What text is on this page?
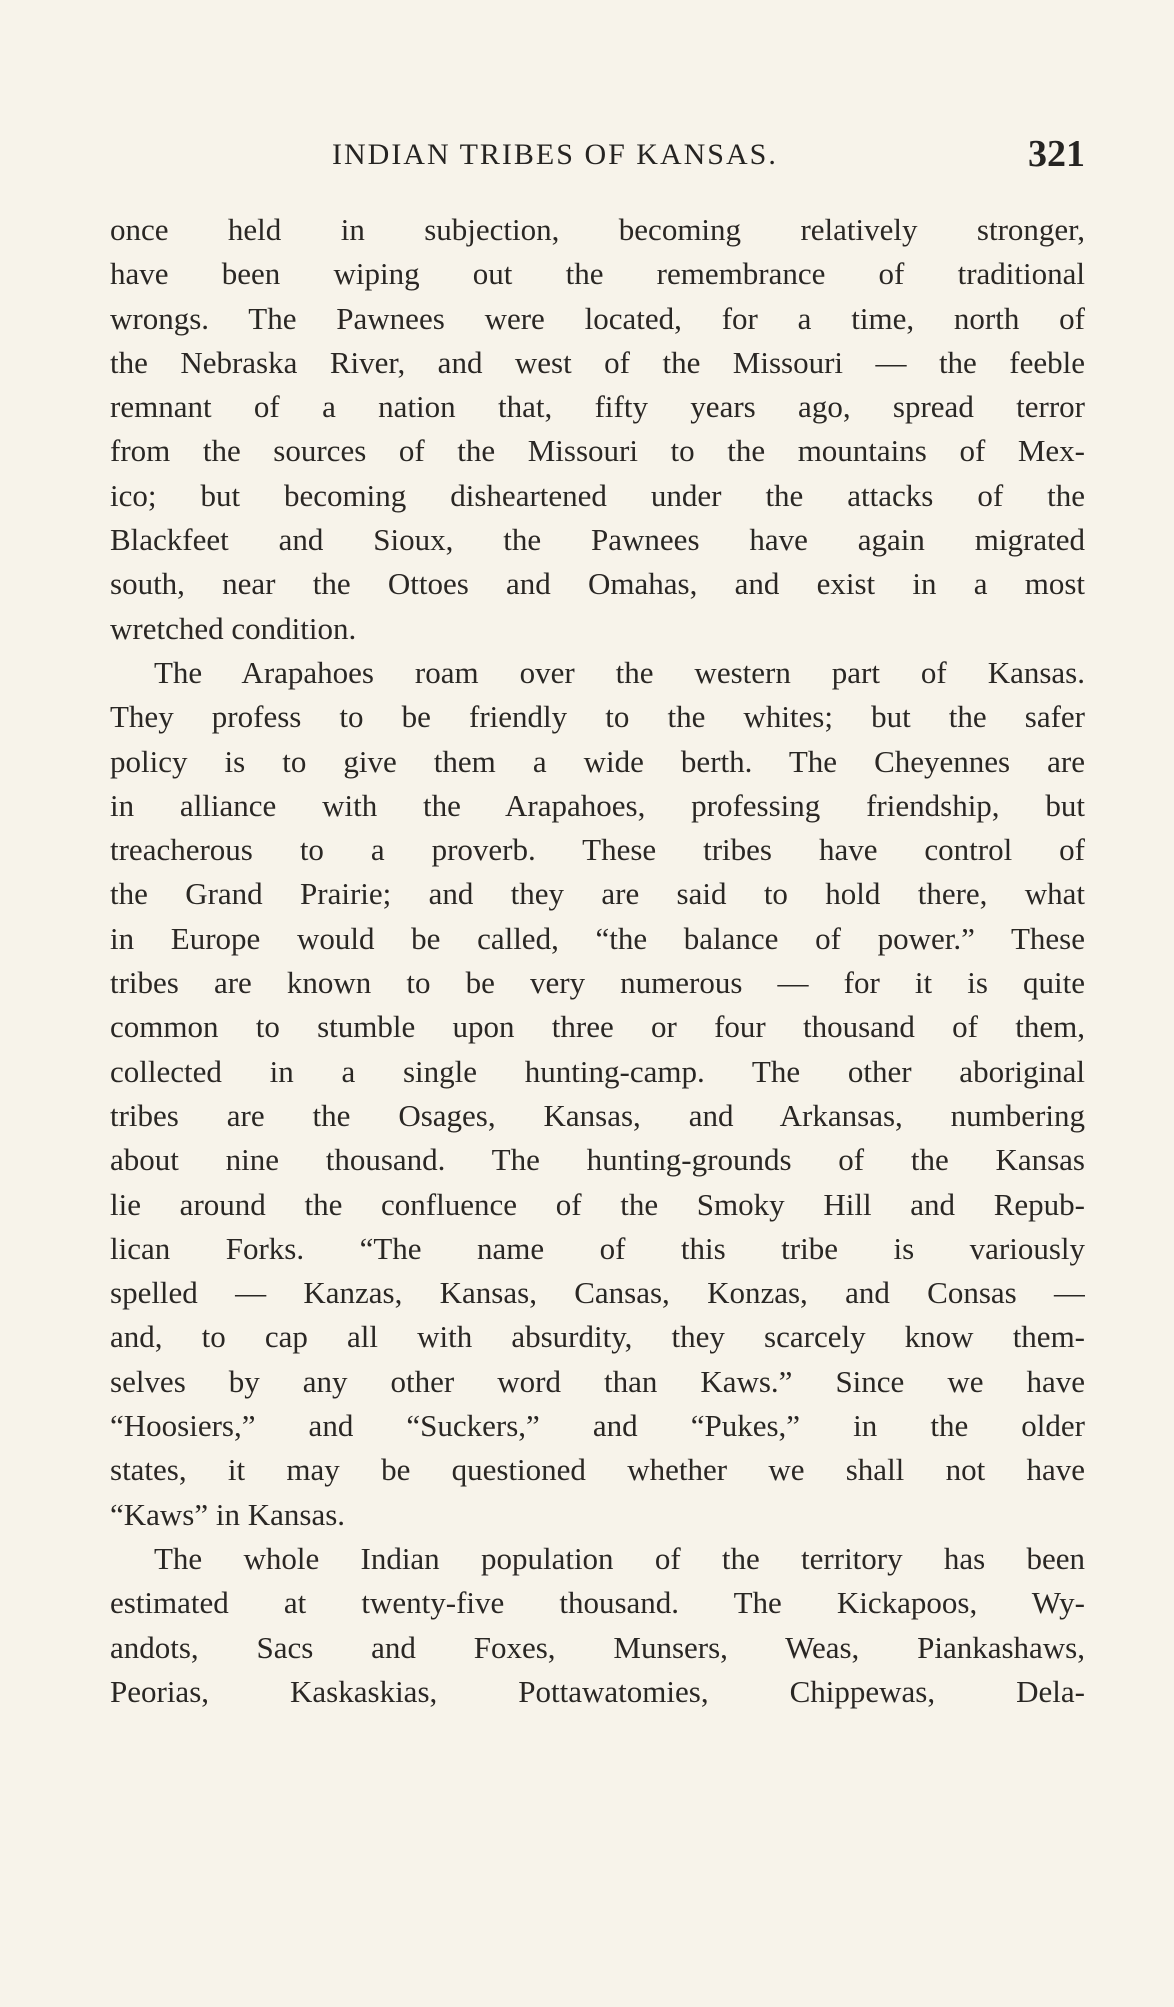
INDIAN TRIBES OF KANSAS.	321
once held in subjection, becoming relatively stronger,
have been wiping out the remembrance of traditional
wrongs. The Pawnees were located, for a time, north of
the Nebraska River, and west of the Missouri — the feeble
remnant of a nation that, fifty years ago, spread terror
from the sources of the Missouri to the mountains of Mex-
ico; but becoming disheartened under the attacks of the
Blackfeet and Sioux, the Pawnees have again migrated
south, near the Ottoes and Omahas, and exist in a most
wretched condition.
The Arapahoes roam over the western part of Kansas.
They profess to be friendly to the whites; but the safer
policy is to give them a wide berth. The Cheyennes are
in alliance with the Arapahoes, professing friendship, but
treacherous to a proverb. These tribes have control of
the Grand Prairie; and they are said to hold there, what
in Europe would be called, “the balance of power.” These
tribes are known to be very numerous — for it is quite
common to stumble upon three or four thousand of them,
collected in a single hunting-camp. The other aboriginal
tribes are the Osages, Kansas, and Arkansas, numbering
about nine thousand. The hunting-grounds of the Kansas
lie around the confluence of the Smoky Hill and Repub-
lican Forks. “The name of this tribe is variously
spelled — Kanzas, Kansas, Cansas, Konzas, and Consas —
and, to cap all with absurdity, they scarcely know them-
selves by any other word than Kaws.” Since we have
“Hoosiers,” and “Suckers,” and “Pukes,” in the older
states, it may be questioned whether we shall not have
“Kaws” in Kansas.
The whole Indian population of the territory has been
estimated at twenty-five thousand. The Kickapoos, Wy-
andots, Sacs and Foxes, Munsers, Weas, Piankashaws,
Peorias, Kaskaskias, Pottawatomies, Chippewas, Dela-
